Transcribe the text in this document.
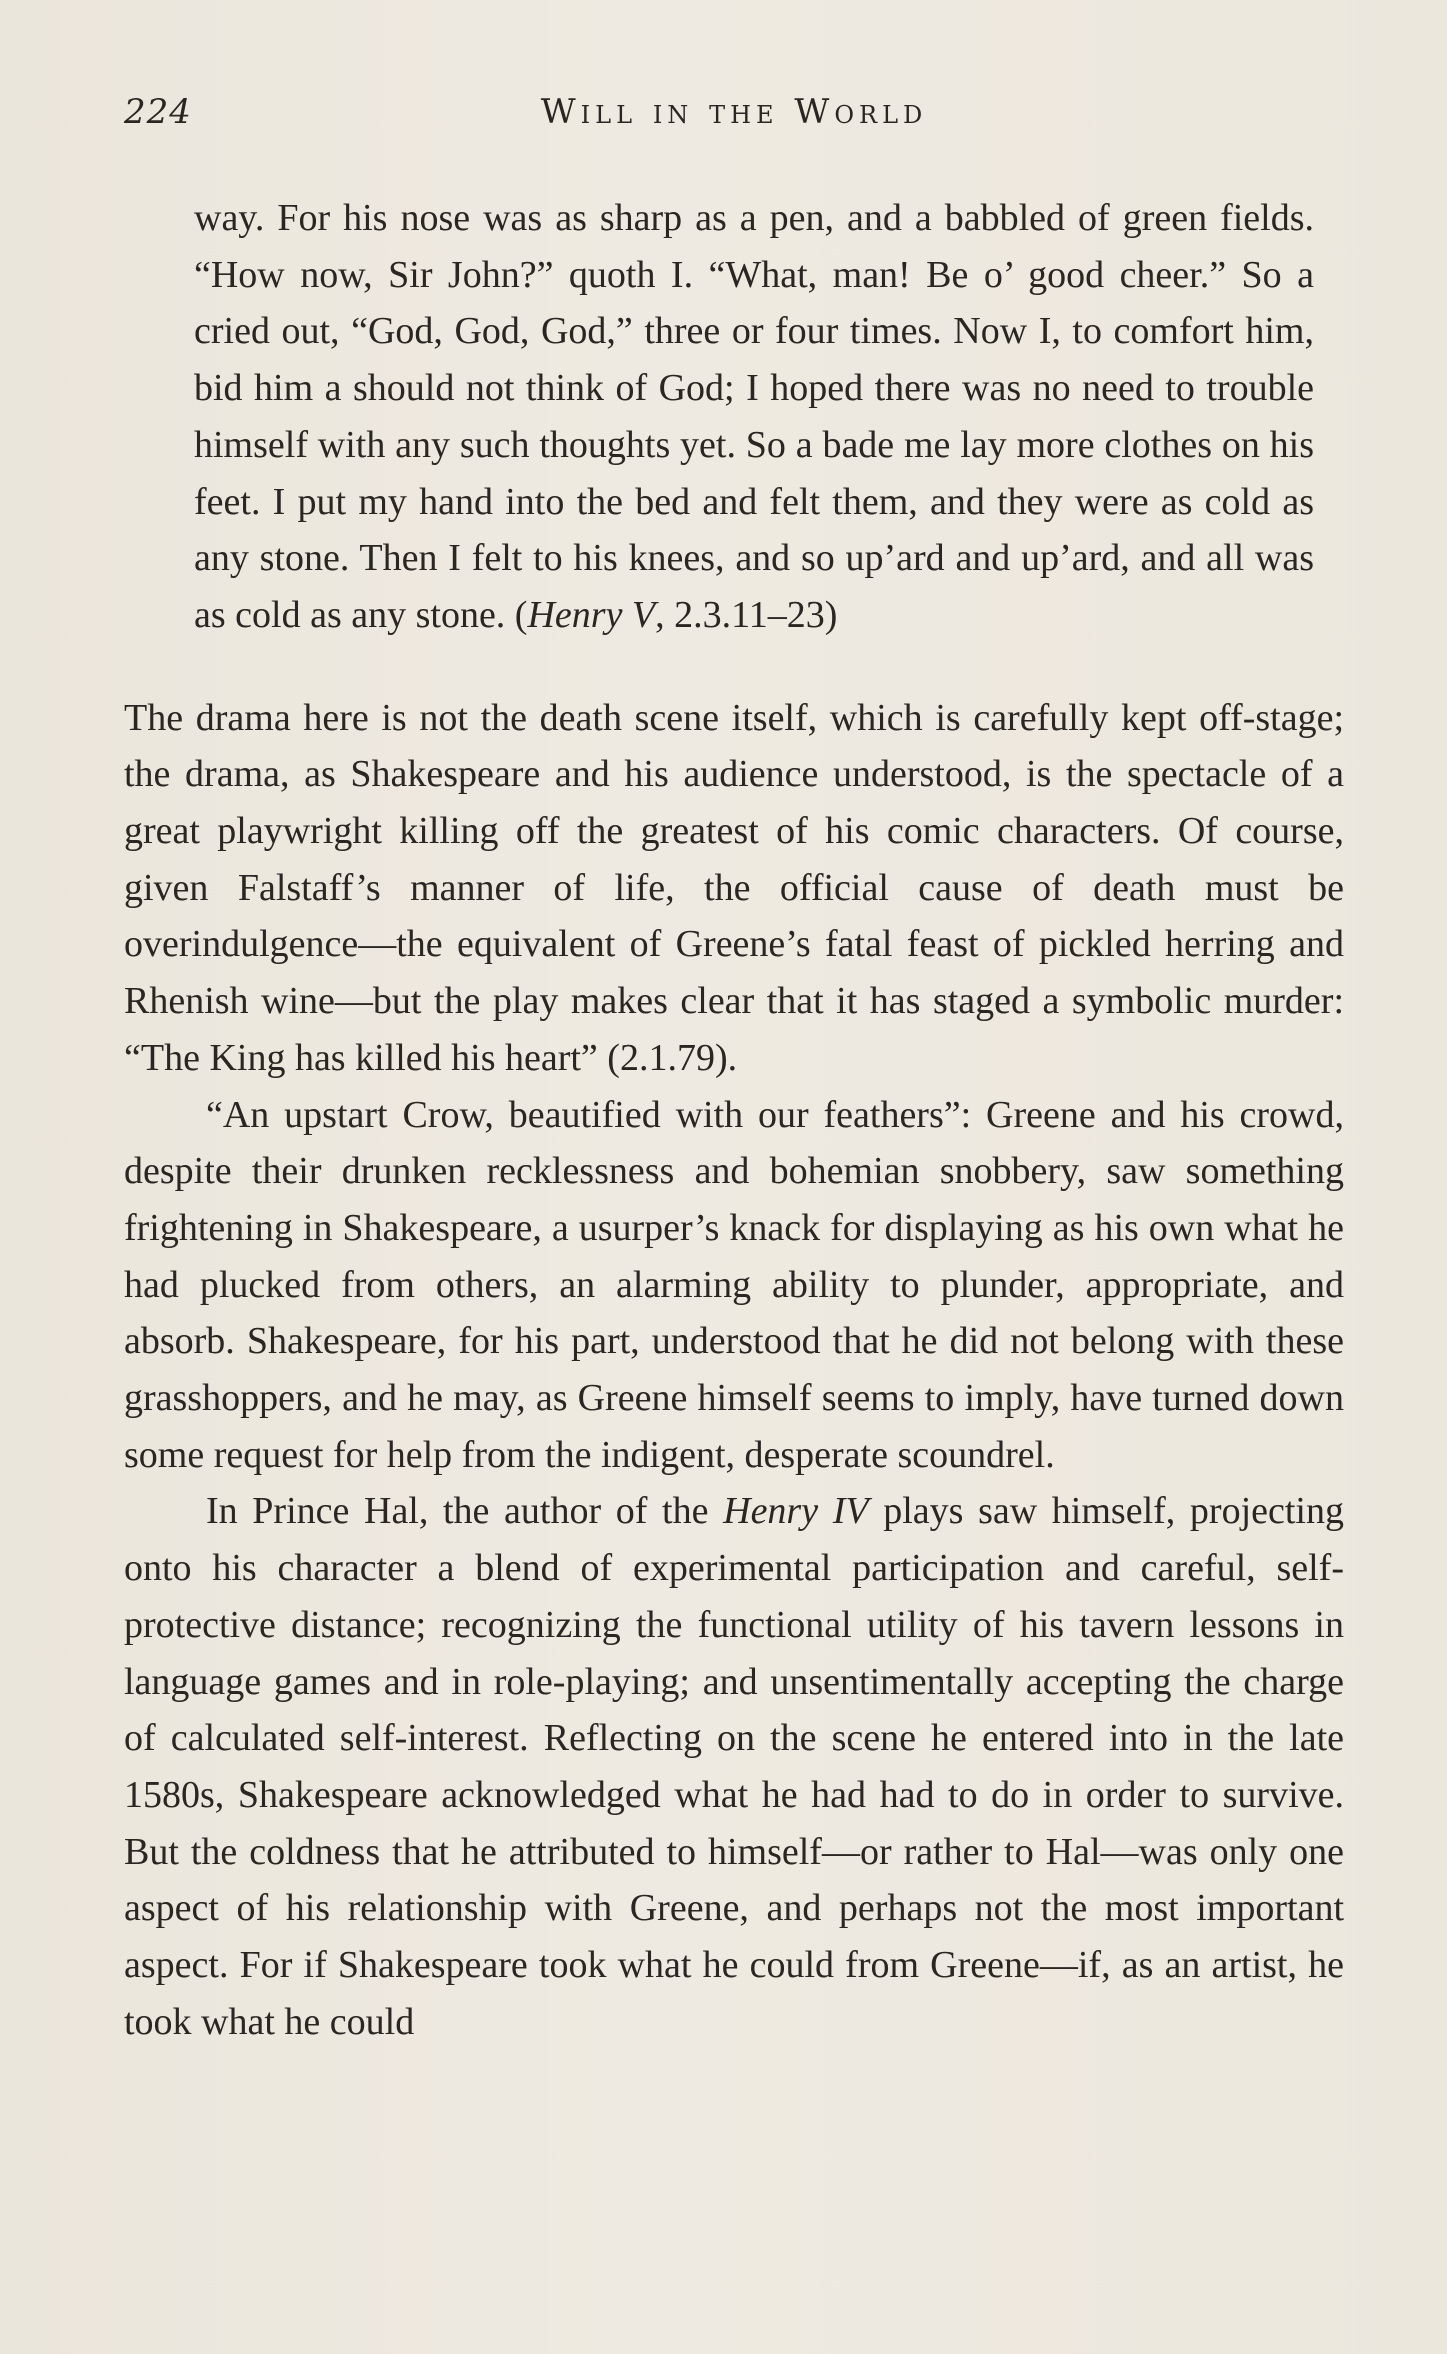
224	Will in the World

way. For his nose was as sharp as a pen, and a babbled of green fields. “How now, Sir John?” quoth I. “What, man! Be o’ good cheer.” So a cried out, “God, God, God,” three or four times. Now I, to comfort him, bid him a should not think of God; I hoped there was no need to trouble himself with any such thoughts yet. So a bade me lay more clothes on his feet. I put my hand into the bed and felt them, and they were as cold as any stone. Then I felt to his knees, and so up’ard and up’ard, and all was as cold as any stone. (Henry V, 2.3.11–23)

The drama here is not the death scene itself, which is carefully kept off-stage; the drama, as Shakespeare and his audience understood, is the spectacle of a great playwright killing off the greatest of his comic characters. Of course, given Falstaff’s manner of life, the official cause of death must be overindulgence—the equivalent of Greene’s fatal feast of pickled herring and Rhenish wine—but the play makes clear that it has staged a symbolic murder: “The King has killed his heart” (2.1.79).

“An upstart Crow, beautified with our feathers”: Greene and his crowd, despite their drunken recklessness and bohemian snobbery, saw something frightening in Shakespeare, a usurper’s knack for displaying as his own what he had plucked from others, an alarming ability to plunder, appropriate, and absorb. Shakespeare, for his part, understood that he did not belong with these grasshoppers, and he may, as Greene himself seems to imply, have turned down some request for help from the indigent, desperate scoundrel.

In Prince Hal, the author of the Henry IV plays saw himself, projecting onto his character a blend of experimental participation and careful, self-protective distance; recognizing the functional utility of his tavern lessons in language games and in role-playing; and unsentimentally accepting the charge of calculated self-interest. Reflecting on the scene he entered into in the late 1580s, Shakespeare acknowledged what he had had to do in order to survive. But the coldness that he attributed to himself—or rather to Hal—was only one aspect of his relationship with Greene, and perhaps not the most important aspect. For if Shakespeare took what he could from Greene—if, as an artist, he took what he could
